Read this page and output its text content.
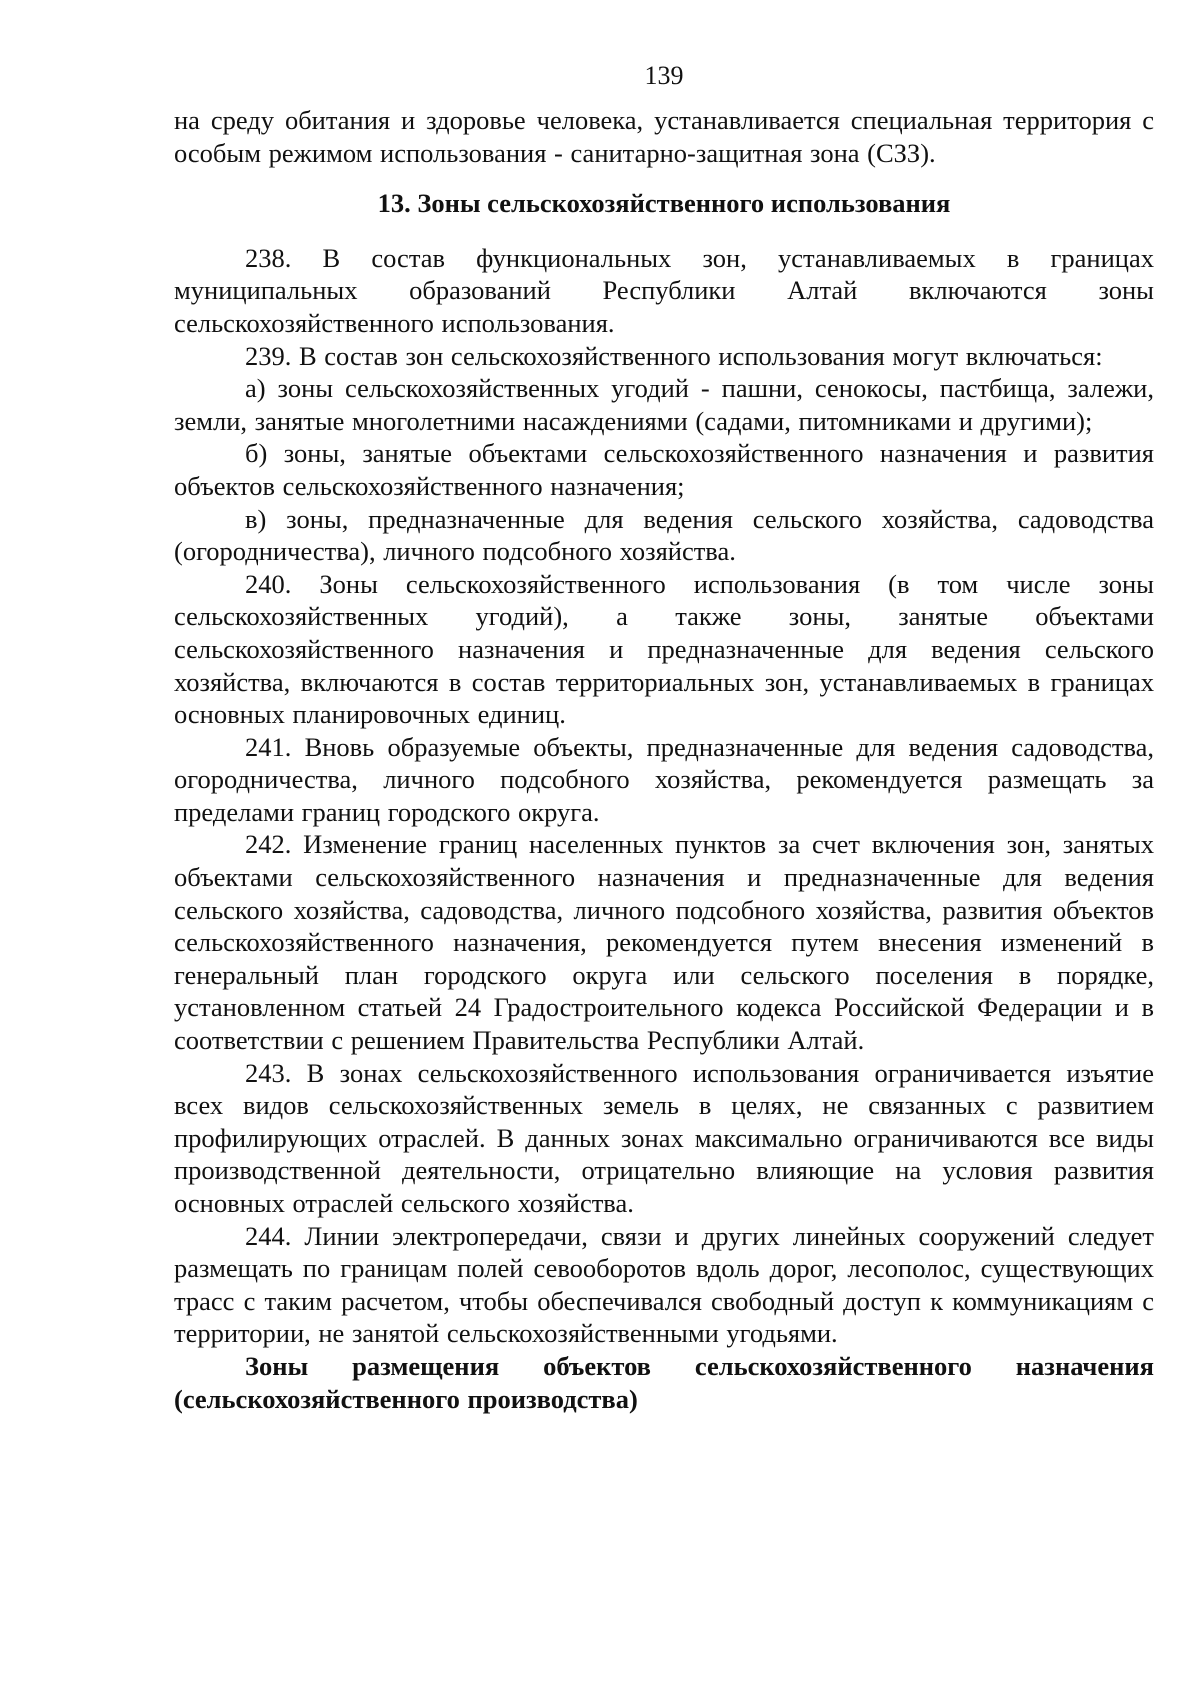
139

на среду обитания и здоровье человека, устанавливается специальная территория с особым режимом использования - санитарно-защитная зона (СЗЗ).

13. Зоны сельскохозяйственного использования

238. В состав функциональных зон, устанавливаемых в границах муниципальных образований Республики Алтай включаются зоны сельскохозяйственного использования.

239. В состав зон сельскохозяйственного использования могут включаться:

а) зоны сельскохозяйственных угодий - пашни, сенокосы, пастбища, залежи, земли, занятые многолетними насаждениями (садами, питомниками и другими);

б) зоны, занятые объектами сельскохозяйственного назначения и развития объектов сельскохозяйственного назначения;

в) зоны, предназначенные для ведения сельского хозяйства, садоводства (огородничества), личного подсобного хозяйства.

240. Зоны сельскохозяйственного использования (в том числе зоны сельскохозяйственных угодий), а также зоны, занятые объектами сельскохозяйственного назначения и предназначенные для ведения сельского хозяйства, включаются в состав территориальных зон, устанавливаемых в границах основных планировочных единиц.

241. Вновь образуемые объекты, предназначенные для ведения садоводства, огородничества, личного подсобного хозяйства, рекомендуется размещать за пределами границ городского округа.

242. Изменение границ населенных пунктов за счет включения зон, занятых объектами сельскохозяйственного назначения и предназначенные для ведения сельского хозяйства, садоводства, личного подсобного хозяйства, развития объектов сельскохозяйственного назначения, рекомендуется путем внесения изменений в генеральный план городского округа или сельского поселения в порядке, установленном статьей 24 Градостроительного кодекса Российской Федерации и в соответствии с решением Правительства Республики Алтай.

243. В зонах сельскохозяйственного использования ограничивается изъятие всех видов сельскохозяйственных земель в целях, не связанных с развитием профилирующих отраслей. В данных зонах максимально ограничиваются все виды производственной деятельности, отрицательно влияющие на условия развития основных отраслей сельского хозяйства.

244. Линии электропередачи, связи и других линейных сооружений следует размещать по границам полей севооборотов вдоль дорог, лесополос, существующих трасс с таким расчетом, чтобы обеспечивался свободный доступ к коммуникациям с территории, не занятой сельскохозяйственными угодьями.

Зоны размещения объектов сельскохозяйственного назначения (сельскохозяйственного производства)
